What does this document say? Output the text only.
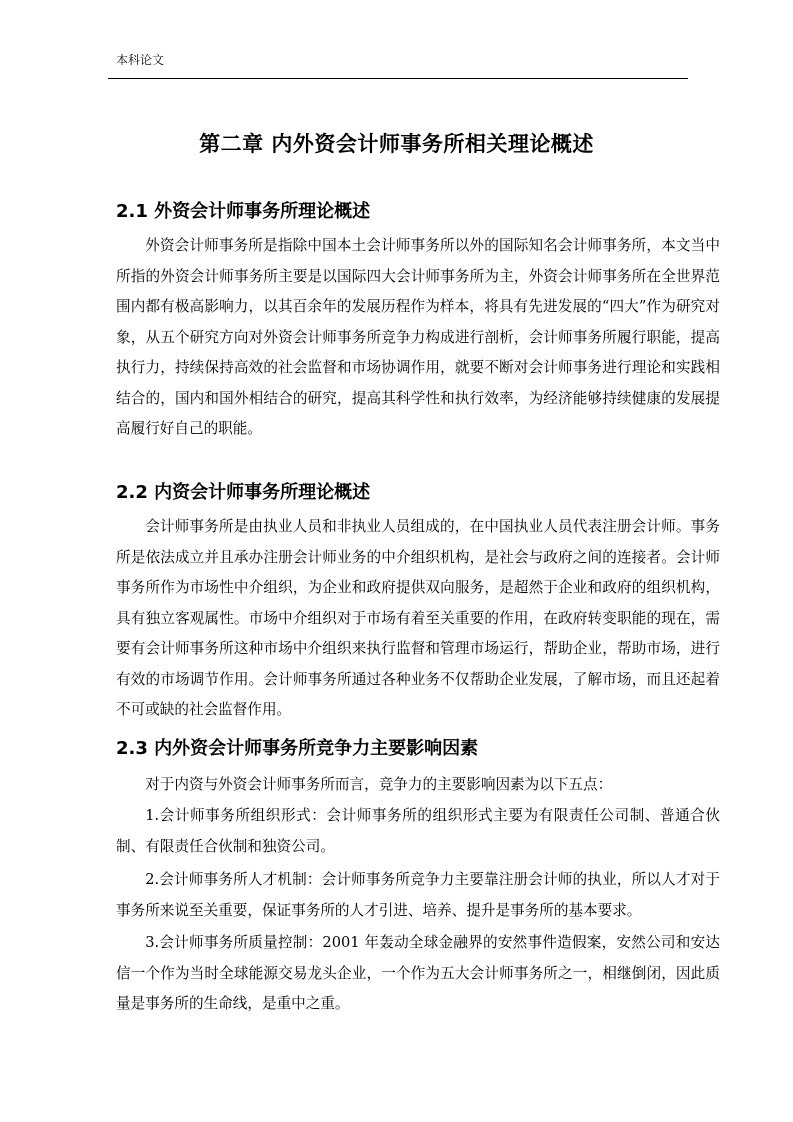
本科论文
第二章 内外资会计师事务所相关理论概述
2.1 外资会计师事务所理论概述

外资会计师事务所是指除中国本土会计师事务所以外的国际知名会计师事务所，本文当中所指的外资会计师事务所主要是以国际四大会计师事务所为主，外资会计师事务所在全世界范围内都有极高影响力，以其百余年的发展历程作为样本，将具有先进发展的“四大”作为研究对象，从五个研究方向对外资会计师事务所竞争力构成进行剖析，会计师事务所履行职能，提高执行力，持续保持高效的社会监督和市场协调作用，就要不断对会计师事务进行理论和实践相结合的，国内和国外相结合的研究，提高其科学性和执行效率，为经济能够持续健康的发展提高履行好自己的职能。

2.2 内资会计师事务所理论概述

会计师事务所是由执业人员和非执业人员组成的，在中国执业人员代表注册会计师。事务所是依法成立并且承办注册会计师业务的中介组织机构，是社会与政府之间的连接者。会计师事务所作为市场性中介组织，为企业和政府提供双向服务，是超然于企业和政府的组织机构，具有独立客观属性。市场中介组织对于市场有着至关重要的作用，在政府转变职能的现在，需要有会计师事务所这种市场中介组织来执行监督和管理市场运行，帮助企业，帮助市场，进行有效的市场调节作用。会计师事务所通过各种业务不仅帮助企业发展，了解市场，而且还起着不可或缺的社会监督作用。

2.3 内外资会计师事务所竞争力主要影响因素

对于内资与外资会计师事务所而言，竞争力的主要影响因素为以下五点：

1.会计师事务所组织形式：会计师事务所的组织形式主要为有限责任公司制、普通合伙制、有限责任合伙制和独资公司。

2.会计师事务所人才机制：会计师事务所竞争力主要靠注册会计师的执业，所以人才对于事务所来说至关重要，保证事务所的人才引进、培养、提升是事务所的基本要求。

3.会计师事务所质量控制：2001 年轰动全球金融界的安然事件造假案，安然公司和安达信一个作为当时全球能源交易龙头企业，一个作为五大会计师事务所之一，相继倒闭，因此质量是事务所的生命线，是重中之重。
